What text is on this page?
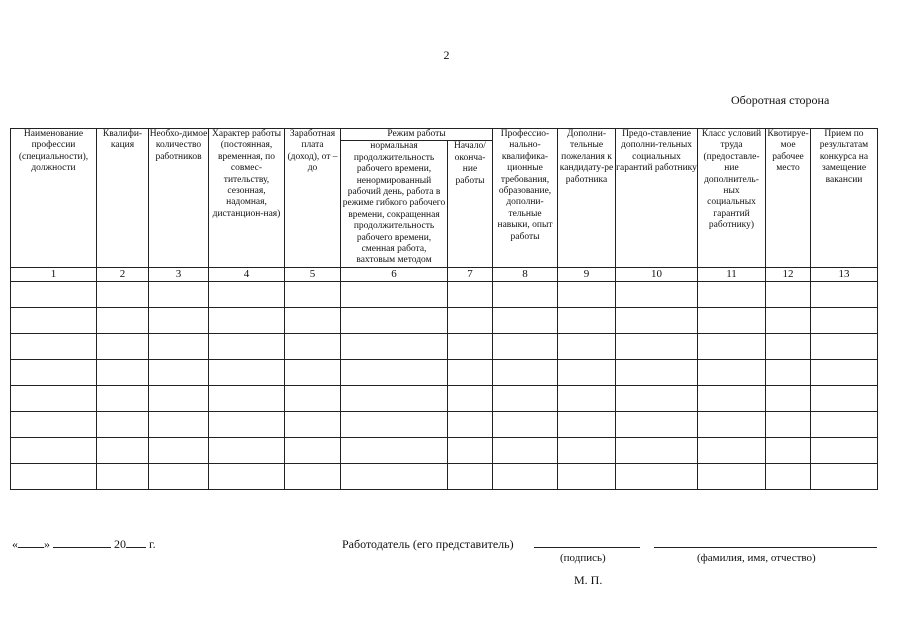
2
Оборотная сторона
Наименование профессии (специальности), должности	Квалифи-кация	Необхо-димое количество работников	Характер работы (постоянная, временная, по совмес-тительству, сезонная, надомная, дистанцион-ная)	Заработная плата (доход), от – до	Режим работы		Профессио-нально-квалифика-ционные требования, образование, дополни-тельные навыки, опыт работы	Дополни-тельные пожелания к кандидату-ре работника	Предо-ставление дополни-тельных социальных гарантий работнику	Класс условий труда (предоставле-ние дополнитель-ных социальных гарантий работнику)	Квотируе-мое рабочее место	Прием по результатам конкурса на замещение вакансии
					нормальная продолжительность рабочего времени, ненормированный рабочий день, работа в режиме гибкого рабочего времени, сокращенная продолжительность рабочего времени, сменная работа, вахтовым методом	Начало/оконча-ние работы						
1	2	3	4	5	6	7	8	9	10	11	12	13

« »	20 г.	Работодатель (его представитель)
(подпись)	(фамилия, имя, отчество)
М. П.
